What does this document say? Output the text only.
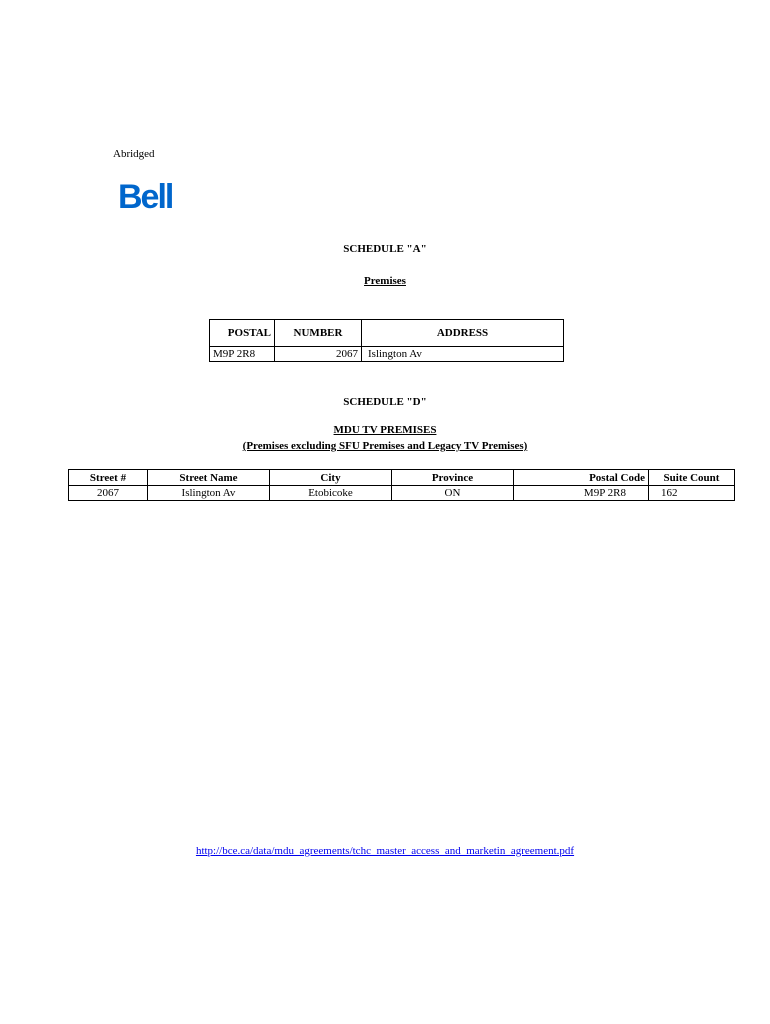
Abridged
Bell
SCHEDULE "A"
Premises
POSTAL	NUMBER	ADDRESS
M9P 2R8	2067	Islington Av
SCHEDULE "D"
MDU TV PREMISES
(Premises excluding SFU Premises and Legacy TV Premises)
Street #	Street Name	City	Province	Postal Code	Suite Count
2067	Islington Av	Etobicoke	ON	M9P 2R8	162
http://bce.ca/data/mdu_agreements/tchc_master_access_and_marketin_agreement.pdf
